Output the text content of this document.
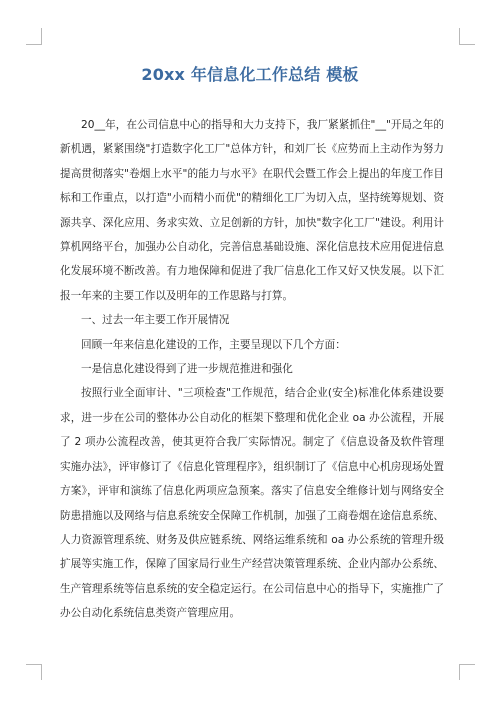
20xx 年信息化工作总结 模板

20__年，在公司信息中心的指导和大力支持下，我厂紧紧抓住"__"开局之年的新机遇，紧紧围绕"打造数字化工厂"总体方针，和刘厂长《应势而上主动作为努力提高贯彻落实"卷烟上水平"的能力与水平》在职代会暨工作会上提出的年度工作目标和工作重点，以打造"小而精小而优"的精细化工厂为切入点，坚持统筹规划、资源共享、深化应用、务求实效、立足创新的方针，加快"数字化工厂"建设。利用计算机网络平台，加强办公自动化，完善信息基础设施、深化信息技术应用促进信息化发展环境不断改善。有力地保障和促进了我厂信息化工作又好又快发展。以下汇报一年来的主要工作以及明年的工作思路与打算。

一、过去一年主要工作开展情况

回顾一年来信息化建设的工作，主要呈现以下几个方面：

一是信息化建设得到了进一步规范推进和强化

按照行业全面审计、"三项检查"工作规范，结合企业(安全)标准化体系建设要求，进一步在公司的整体办公自动化的框架下整理和优化企业 oa 办公流程，开展了 2 项办公流程改善，使其更符合我厂实际情况。制定了《信息设备及软件管理实施办法》，评审修订了《信息化管理程序》，组织制订了《信息中心机房现场处置方案》，评审和演练了信息化两项应急预案。落实了信息安全维修计划与网络安全防患措施以及网络与信息系统安全保障工作机制，加强了工商卷烟在途信息系统、人力资源管理系统、财务及供应链系统、网络运维系统和 oa 办公系统的管理升级扩展等实施工作，保障了国家局行业生产经营决策管理系统、企业内部办公系统、生产管理系统等信息系统的安全稳定运行。在公司信息中心的指导下，实施推广了办公自动化系统信息类资产管理应用。
